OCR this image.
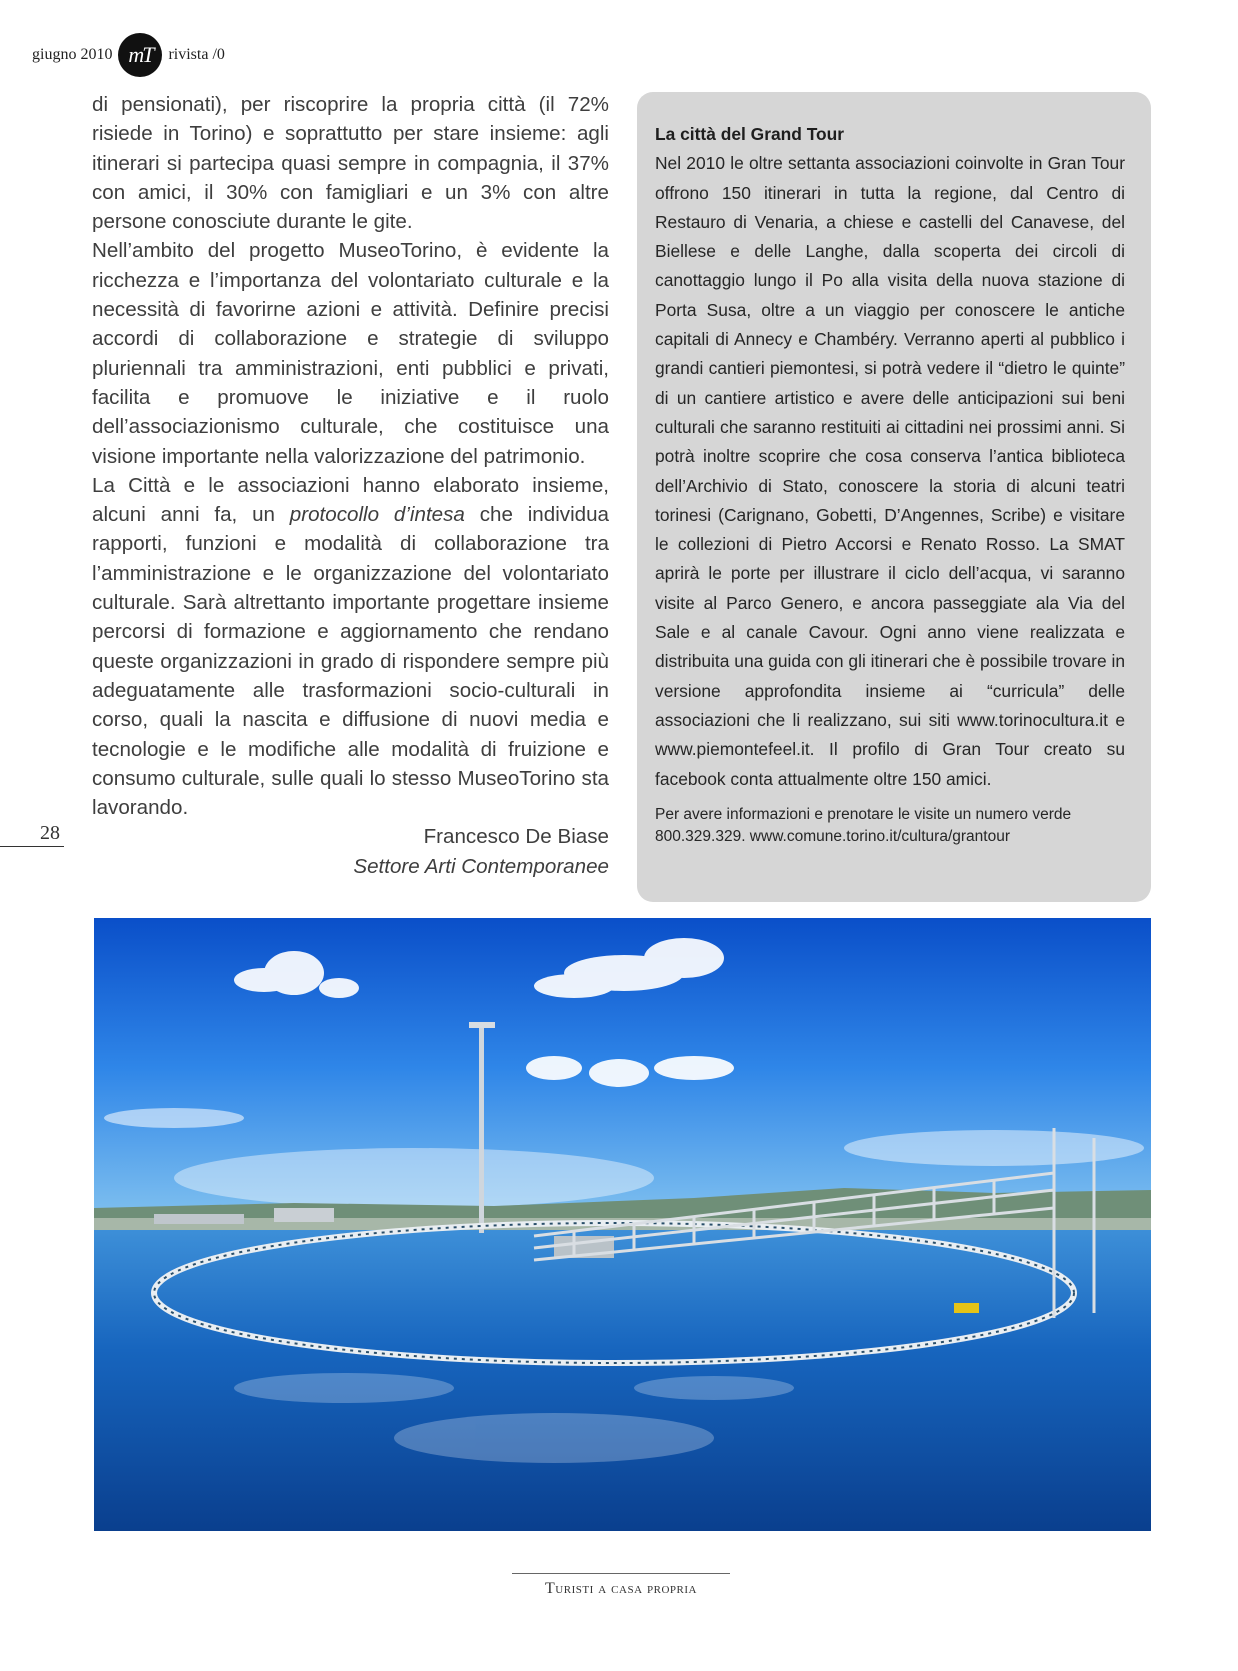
giugno 2010 mT rivista /0

di pensionati), per riscoprire la propria città (il 72% risiede in Torino) e soprattutto per stare insieme: agli itinerari si partecipa quasi sempre in compagnia, il 37% con amici, il 30% con famigliari e un 3% con altre persone conosciute durante le gite.

Nell’ambito del progetto MuseoTorino, è evidente la ricchezza e l’importanza del volontariato culturale e la necessità di favorirne azioni e attività. Definire precisi accordi di collaborazione e strategie di sviluppo pluriennali tra amministrazioni, enti pubblici e privati, facilita e promuove le iniziative e il ruolo dell’associazionismo culturale, che costituisce una visione importante nella valorizzazione del patrimonio.

La Città e le associazioni hanno elaborato insieme, alcuni anni fa, un protocollo d’intesa che individua rapporti, funzioni e modalità di collaborazione tra l’amministrazione e le organizzazione del volontariato culturale. Sarà altrettanto importante progettare insieme percorsi di formazione e aggiornamento che rendano queste organizzazioni in grado di rispondere sempre più adeguatamente alle trasformazioni socio-culturali in corso, quali la nascita e diffusione di nuovi media e tecnologie e le modifiche alle modalità di fruizione e consumo culturale, sulle quali lo stesso MuseoTorino sta lavorando.

Francesco De Biase
Settore Arti Contemporanee
28
La città del Grand Tour

Nel 2010 le oltre settanta associazioni coinvolte in Gran Tour offrono 150 itinerari in tutta la regione, dal Centro di Restauro di Venaria, a chiese e castelli del Canavese, del Biellese e delle Langhe, dalla scoperta dei circoli di canottaggio lungo il Po alla visita della nuova stazione di Porta Susa, oltre a un viaggio per conoscere le antiche capitali di Annecy e Chambéry. Verranno aperti al pubblico i grandi cantieri piemontesi, si potrà vedere il “dietro le quinte” di un cantiere artistico e avere delle anticipazioni sui beni culturali che saranno restituiti ai cittadini nei prossimi anni. Si potrà inoltre scoprire che cosa conserva l’antica biblioteca dell’Archivio di Stato, conoscere la storia di alcuni teatri torinesi (Carignano, Gobetti, D’Angennes, Scribe) e visitare le collezioni di Pietro Accorsi e Renato Rosso. La SMAT aprirà le porte per illustrare il ciclo dell’acqua, vi saranno visite al Parco Genero, e ancora passeggiate ala Via del Sale e al canale Cavour. Ogni anno viene realizzata e distribuita una guida con gli itinerari che è possibile trovare in versione approfondita insieme ai “curricula” delle associazioni che li realizzano, sui siti www.torinocultura.it e www.piemontefeel.it. Il profilo di Gran Tour creato su facebook conta attualmente oltre 150 amici.

Per avere informazioni e prenotare le visite un numero verde 800.329.329. www.comune.torino.it/cultura/grantour

Turisti a casa propria
